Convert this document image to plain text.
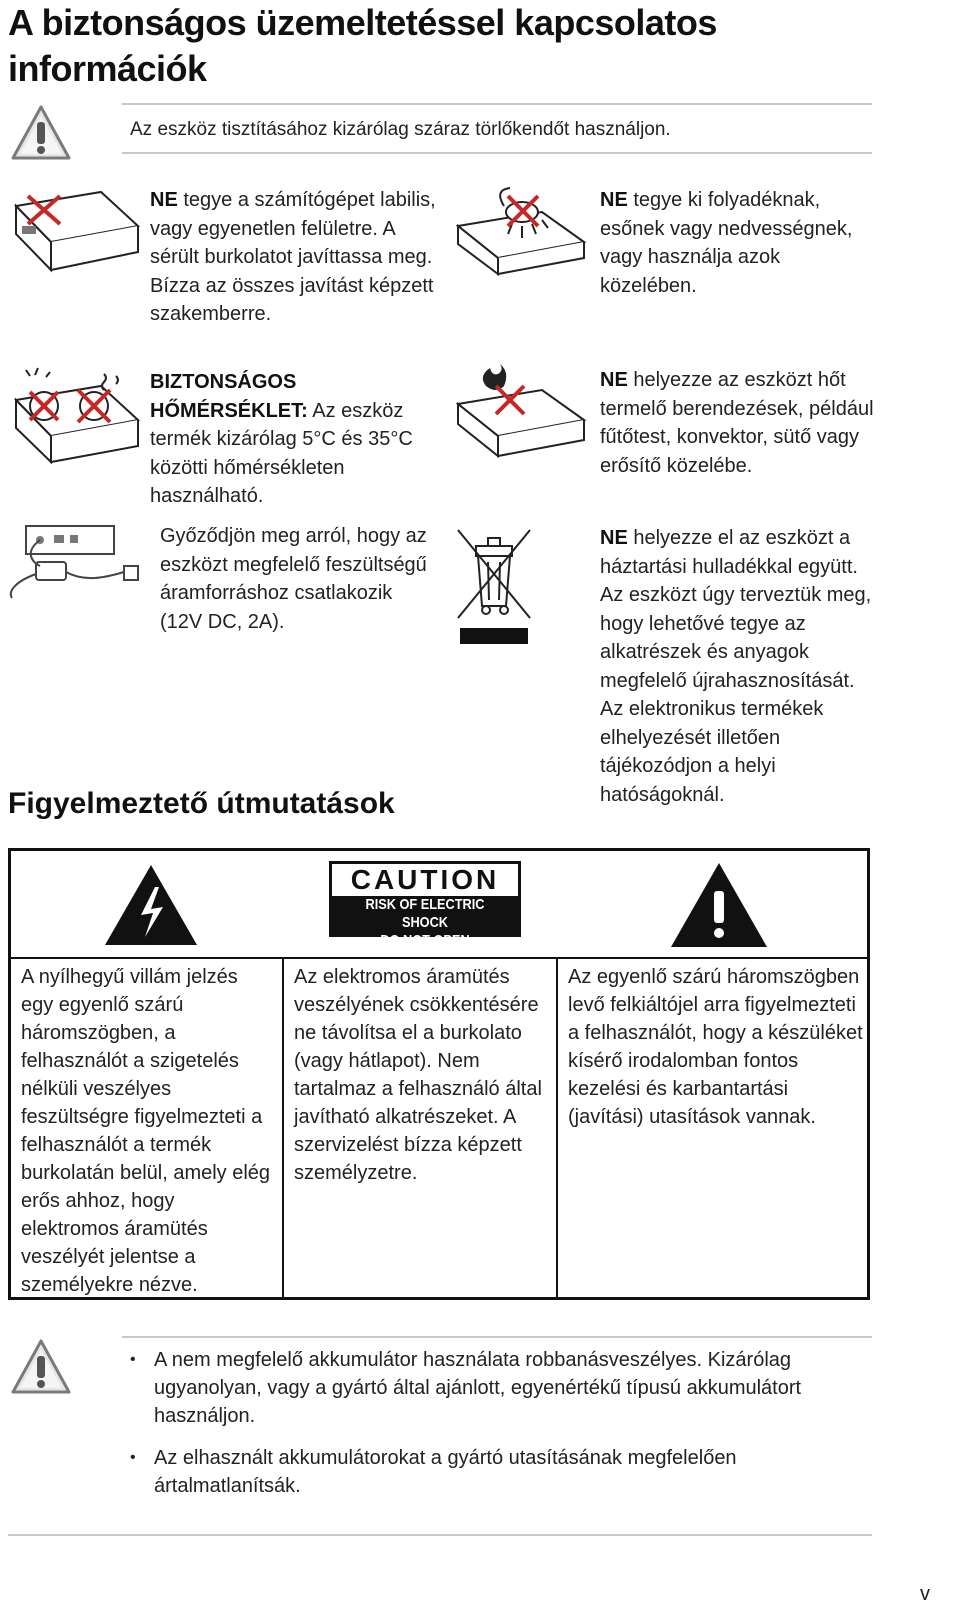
A biztonságos üzemeltetéssel kapcsolatos információk
Az eszköz tisztításához kizárólag száraz törlőkendőt használjon.
NE tegye a számítógépet labilis, vagy egyenetlen felületre. A sérült burkolatot javíttassa meg. Bízza az összes javítást képzett szakemberre.
BIZTONSÁGOS HŐMÉRSÉKLET: Az eszköz termék kizárólag 5°C és 35°C közötti hőmérsékleten használható.
Győződjön meg arról, hogy az eszközt megfelelő feszültségű áramforráshoz csatlakozik (12V DC, 2A).
NE tegye ki folyadéknak, esőnek vagy nedvességnek, vagy használja azok közelében.
NE helyezze az eszközt hőt termelő berendezések, például fűtőtest, konvektor, sütő vagy erősítő közelébe.
NE helyezze el az eszközt a háztartási hulladékkal együtt. Az eszközt úgy terveztük meg, hogy lehetővé tegye az alkatrészek és anyagok megfelelő újrahasznosítását. Az elektronikus termékek elhelyezését illetően tájékozódjon a helyi hatóságoknál.
Figyelmeztető útmutatások
CAUTION
RISK OF ELECTRIC SHOCK
DO NOT OPEN
A nyílhegyű villám jelzés egy egyenlő szárú háromszögben, a felhasználót a szigetelés nélküli veszélyes feszültségre figyelmezteti a felhasználót a termék burkolatán belül, amely elég erős ahhoz, hogy elektromos áramütés veszélyét jelentse a személyekre nézve.
Az elektromos áramütés veszélyének csökkentésére ne távolítsa el a burkolato (vagy hátlapot). Nem tartalmaz a felhasználó által javítható alkatrészeket. A szervizelést bízza képzett személyzetre.
Az egyenlő szárú háromszögben levő felkiáltójel arra figyelmezteti a felhasználót, hogy a készüléket kísérő irodalomban fontos kezelési és karbantartási (javítási) utasítások vannak.
• A nem megfelelő akkumulátor használata robbanásveszélyes. Kizárólag ugyanolyan, vagy a gyártó által ajánlott, egyenértékű típusú akkumulátort használjon.
• Az elhasznált akkumulátorokat a gyártó utasításának megfelelően ártalmatlanítsák.
v
